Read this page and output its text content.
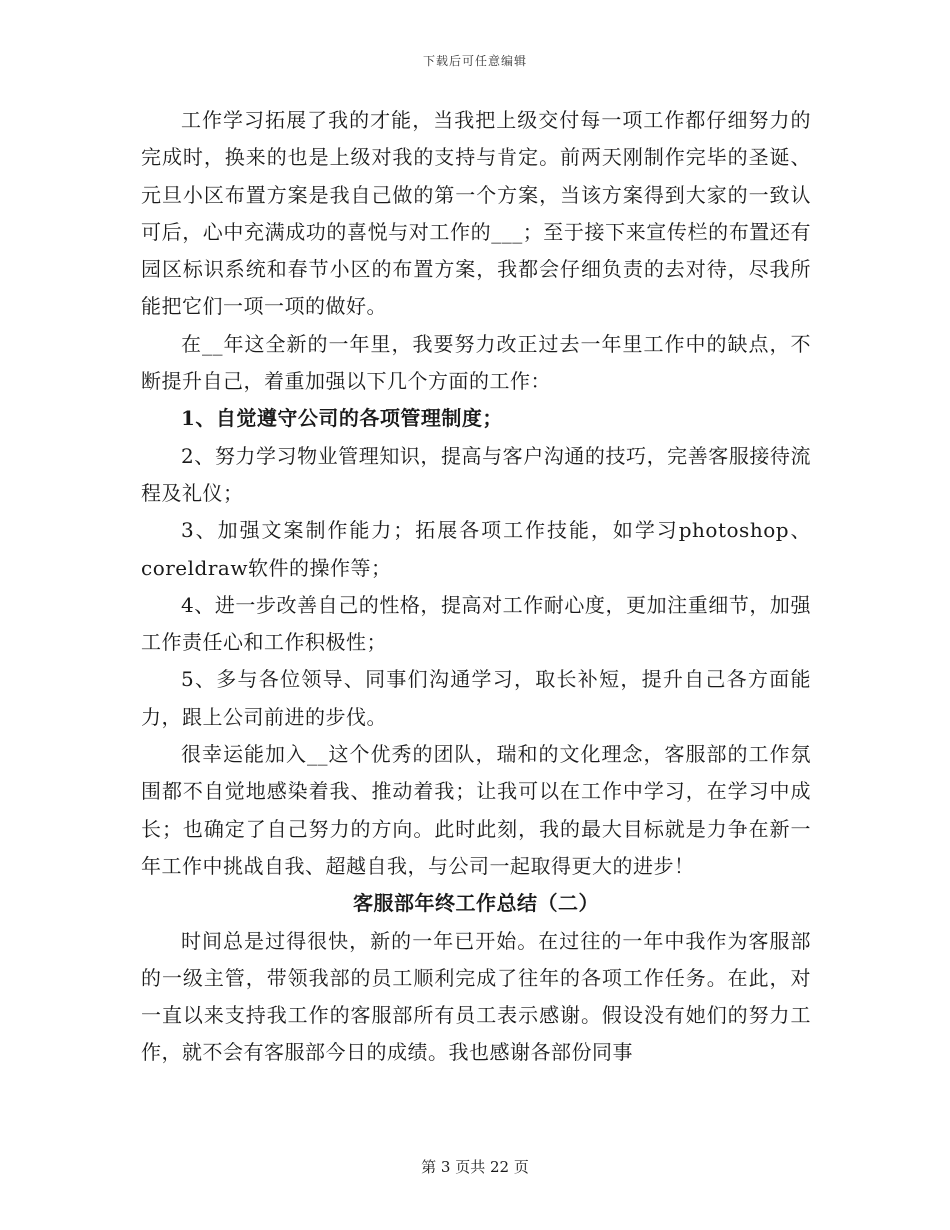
下载后可任意编辑

工作学习拓展了我的才能，当我把上级交付每一项工作都仔细努力的完成时，换来的也是上级对我的支持与肯定。前两天刚制作完毕的圣诞、元旦小区布置方案是我自己做的第一个方案，当该方案得到大家的一致认可后，心中充满成功的喜悦与对工作的___；至于接下来宣传栏的布置还有园区标识系统和春节小区的布置方案，我都会仔细负责的去对待，尽我所能把它们一项一项的做好。

在__年这全新的一年里，我要努力改正过去一年里工作中的缺点，不断提升自己，着重加强以下几个方面的工作：

1、自觉遵守公司的各项管理制度；

2、努力学习物业管理知识，提高与客户沟通的技巧，完善客服接待流程及礼仪；

3、加强文案制作能力；拓展各项工作技能，如学习photoshop、coreldraw软件的操作等；

4、进一步改善自己的性格，提高对工作耐心度，更加注重细节，加强工作责任心和工作积极性；

5、多与各位领导、同事们沟通学习，取长补短，提升自己各方面能力，跟上公司前进的步伐。

很幸运能加入__这个优秀的团队，瑞和的文化理念，客服部的工作氛围都不自觉地感染着我、推动着我；让我可以在工作中学习，在学习中成长；也确定了自己努力的方向。此时此刻，我的最大目标就是力争在新一年工作中挑战自我、超越自我，与公司一起取得更大的进步！

客服部年终工作总结（二）

时间总是过得很快，新的一年已开始。在过往的一年中我作为客服部的一级主管，带领我部的员工顺利完成了往年的各项工作任务。在此，对一直以来支持我工作的客服部所有员工表示感谢。假设没有她们的努力工作，就不会有客服部今日的成绩。我也感谢各部份同事

第 3 页共 22 页
